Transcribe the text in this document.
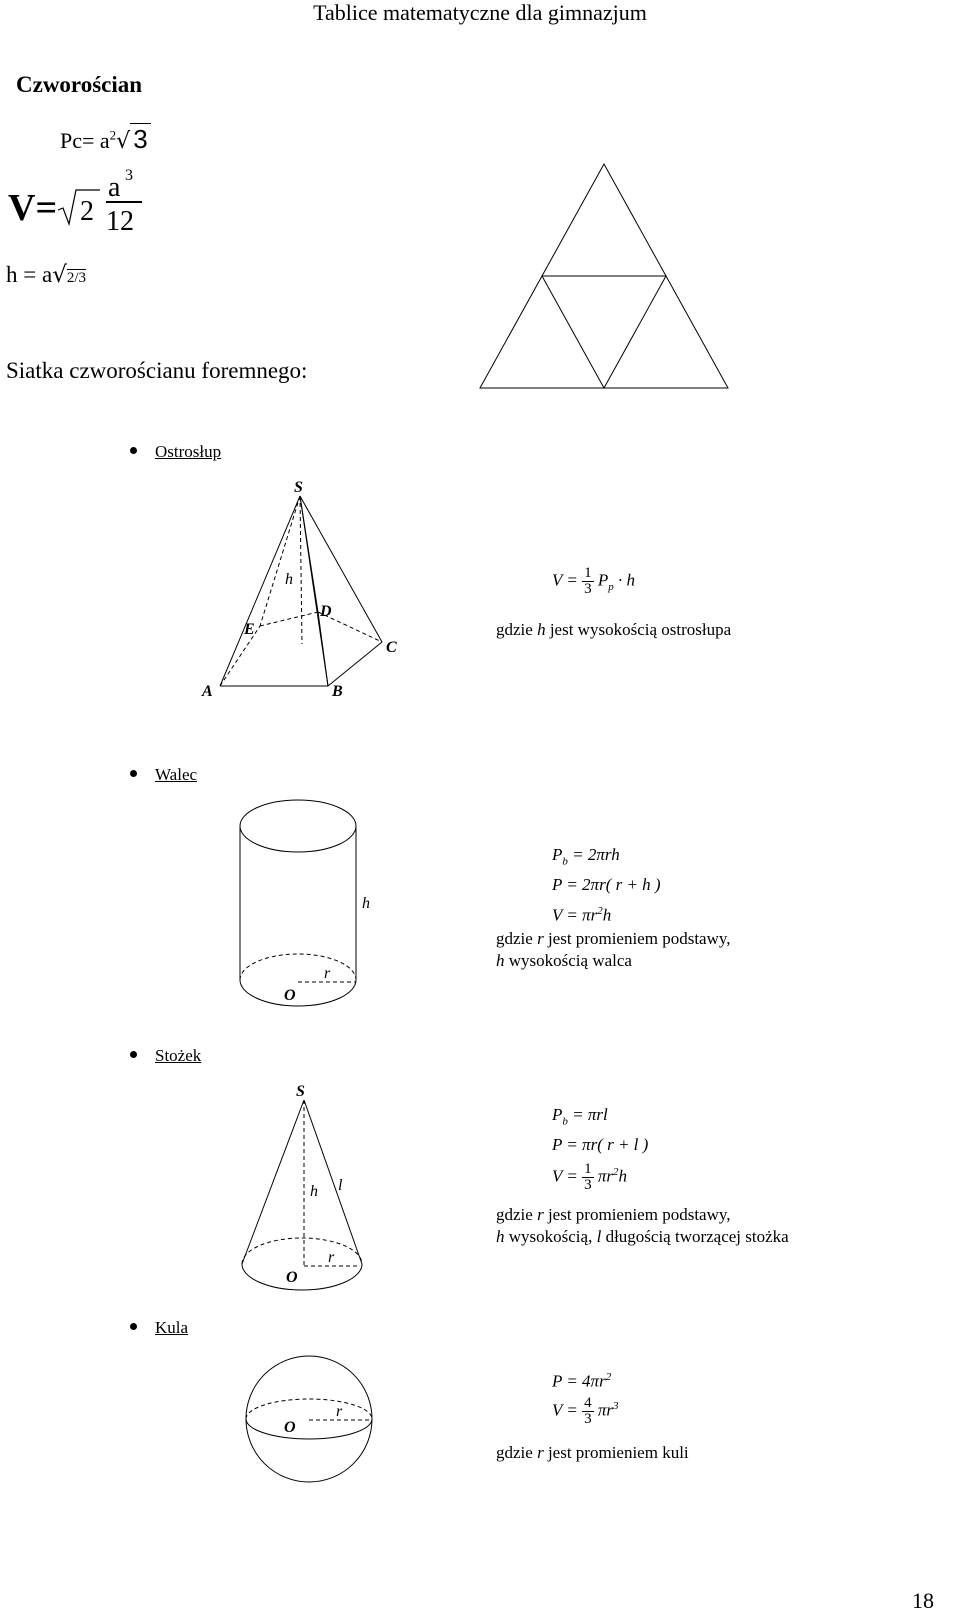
Tablice matematyczne dla gimnazjum
Czworościan
$Pc= a^2√$ 3
V= 2
a 3
12
h = a√2/3
Siatka czworościanu foremnego:
Ostrosłup
S
A	B
C
D
E
h	$V = \frac{1}{3} P_p \cdot h$
gdzie h jest wysokością ostrosłupa
Walec
h
r
O
$P_b = 2\pi rh$
P = 2πr( r + h )
$V = \pi r^2h$
gdzie r jest promieniem podstawy,
h wysokością walca
Stożek
S
h l
r
O
$P_b = \pi rl$
P = πr( r + l )
$V = \frac{1}{3} \pi r^2h$
gdzie r jest promieniem podstawy,
h wysokością, l długością tworzącej stożka
Kula
O
r
$P = 4\pi r^2$
$V = \frac{4}{3} \pi r^3$
gdzie r jest promieniem kuli
18
